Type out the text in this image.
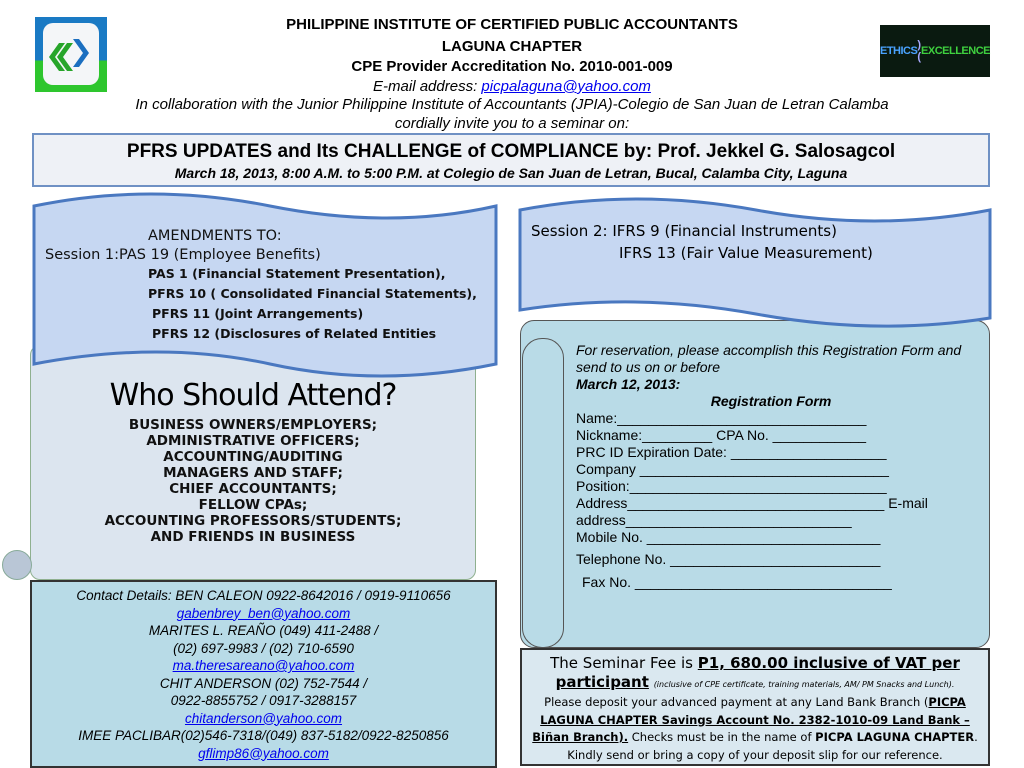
ETHICS )( EXCELLENCE
PHILIPPINE INSTITUTE OF CERTIFIED PUBLIC ACCOUNTANTS
LAGUNA CHAPTER
CPE Provider Accreditation No. 2010-001-009
E-mail address: picpalaguna@yahoo.com
In collaboration with the Junior Philippine Institute of Accountants (JPIA)-Colegio de San Juan de Letran Calamba
cordially invite you to a seminar on:
PFRS UPDATES and Its CHALLENGE of COMPLIANCE by: Prof. Jekkel G. Salosagcol
March 18, 2013, 8:00 A.M. to 5:00 P.M. at Colegio de San Juan de Letran, Bucal, Calamba City, Laguna
Who Should Attend?
BUSINESS OWNERS/EMPLOYERS;
ADMINISTRATIVE OFFICERS;
ACCOUNTING/AUDITING
MANAGERS AND STAFF;
CHIEF ACCOUNTANTS;
FELLOW CPAs;
ACCOUNTING PROFESSORS/STUDENTS;
AND FRIENDS IN BUSINESS
AMENDMENTS TO:
Session 1:PAS 19 (Employee Benefits)
PAS 1 (Financial Statement Presentation),
PFRS 10 ( Consolidated Financial Statements),
PFRS 11 (Joint Arrangements)
PFRS 12 (Disclosures of Related Entities
For reservation, please accomplish this Registration Form and send to us on or before
March 12, 2013:
Registration Form
Name:________________________________
Nickname:_________ CPA No. ____________
PRC ID Expiration Date: ____________________
Company ________________________________
Position:_________________________________
Address_________________________________ E-mail address_____________________________
Mobile No. ______________________________
Telephone No. ___________________________
Fax No. _________________________________
Session 2: IFRS 9 (Financial Instruments)
IFRS 13 (Fair Value Measurement)
Contact Details: BEN CALEON 0922-8642016 / 0919-9110656
gabenbrey_ben@yahoo.com
MARITES L. REAÑO (049) 411-2488 /
(02) 697-9983 / (02) 710-6590
ma.theresareano@yahoo.com
CHIT ANDERSON (02) 752-7544 /
0922-8855752 / 0917-3288157
chitanderson@yahoo.com
IMEE PACLIBAR(02)546-7318/(049) 837-5182/0922-8250856
gflimp86@yahoo.com
The Seminar Fee is P1, 680.00 inclusive of VAT per participant (inclusive of CPE certificate, training materials, AM/ PM Snacks and Lunch).
Please deposit your advanced payment at any Land Bank Branch (PICPA LAGUNA CHAPTER Savings Account No. 2382-1010-09 Land Bank – Biñan Branch). Checks must be in the name of PICPA LAGUNA CHAPTER.
Kindly send or bring a copy of your deposit slip for our reference.
